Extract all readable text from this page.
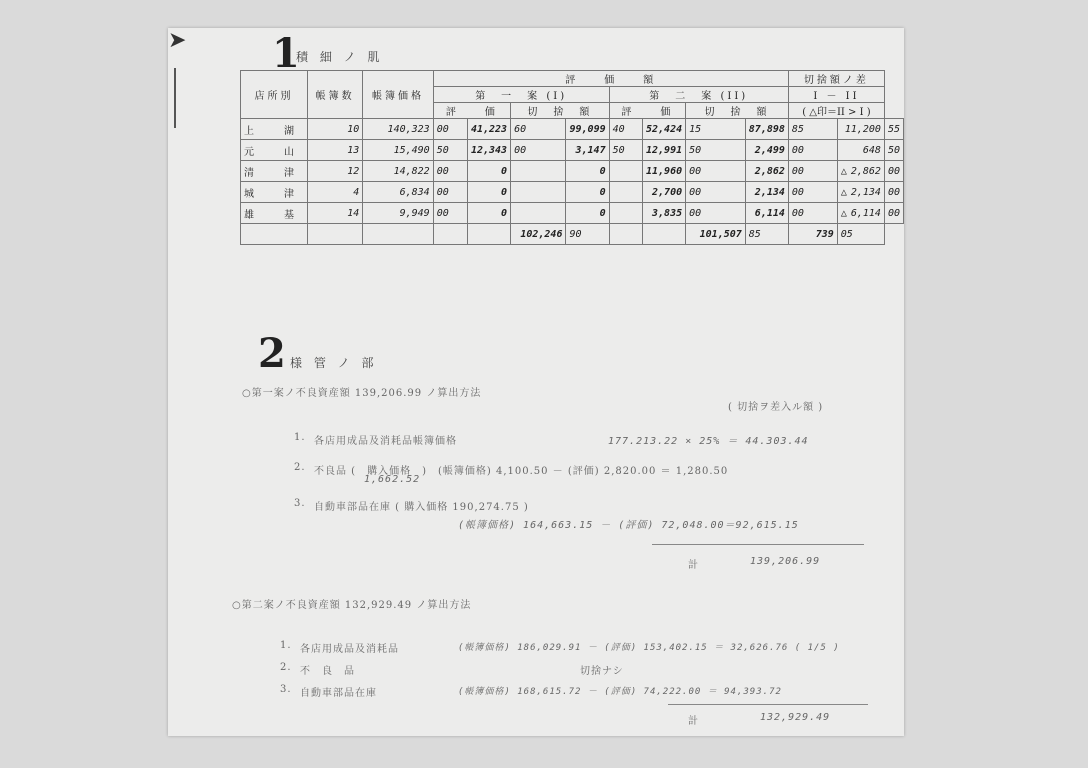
➤ 1
積 細 ノ 肌
店所別	帳簿数	帳簿価格	評　　価　　額								切捨額ノ差		
			第　一　案 (I)				第　二　案 (II)				I － II		
			評　　価		切　捨　額		評　　価		切　捨　額		( △印＝II > I )		
上　湖	10	140,323	00	41,223	60	99,099	40	52,424	15	87,898	85	11,200	55
元　山	13	15,490	50	12,343	00	3,147	50	12,991	50	2,499	00	648	50
清　津	12	14,822	00	0		0		11,960	00	2,862	00	△ 2,862	00
城　津	4	6,834	00	0		0		2,700	00	2,134	00	△ 2,134	00
雄　基	14	9,949	00	0		0		3,835	00	6,114	00	△ 6,114	00
					102,246	90			101,507	85	739	05	
2 様 管 ノ 部
○第一案ノ不良資産額 139,206.99 ノ算出方法
( 切捨ヲ差入ル額 )
1. 各店用成品及消耗品帳簿価格	177.213.22 × 25% ＝ 44.303.44
2. 不良品 (　購入価格　)　(帳簿価格) 4,100.50 － (評価) 2,820.00 ＝ 1,280.50
1,662.52
3. 自動車部品在庫 ( 購入価格 190,274.75 )
(帳簿価格) 164,663.15 － (評価) 72,048.00＝92,615.15
計	139,206.99
○第二案ノ不良資産額 132,929.49 ノ算出方法
1. 各店用成品及消耗品	(帳簿価格) 186,029.91 － (評価) 153,402.15 ＝ 32,626.76 ( 1/5 )
2. 不　良　品	切捨ナシ
3. 自動車部品在庫	(帳簿価格) 168,615.72 － (評価) 74,222.00 ＝ 94,393.72
計	132,929.49
